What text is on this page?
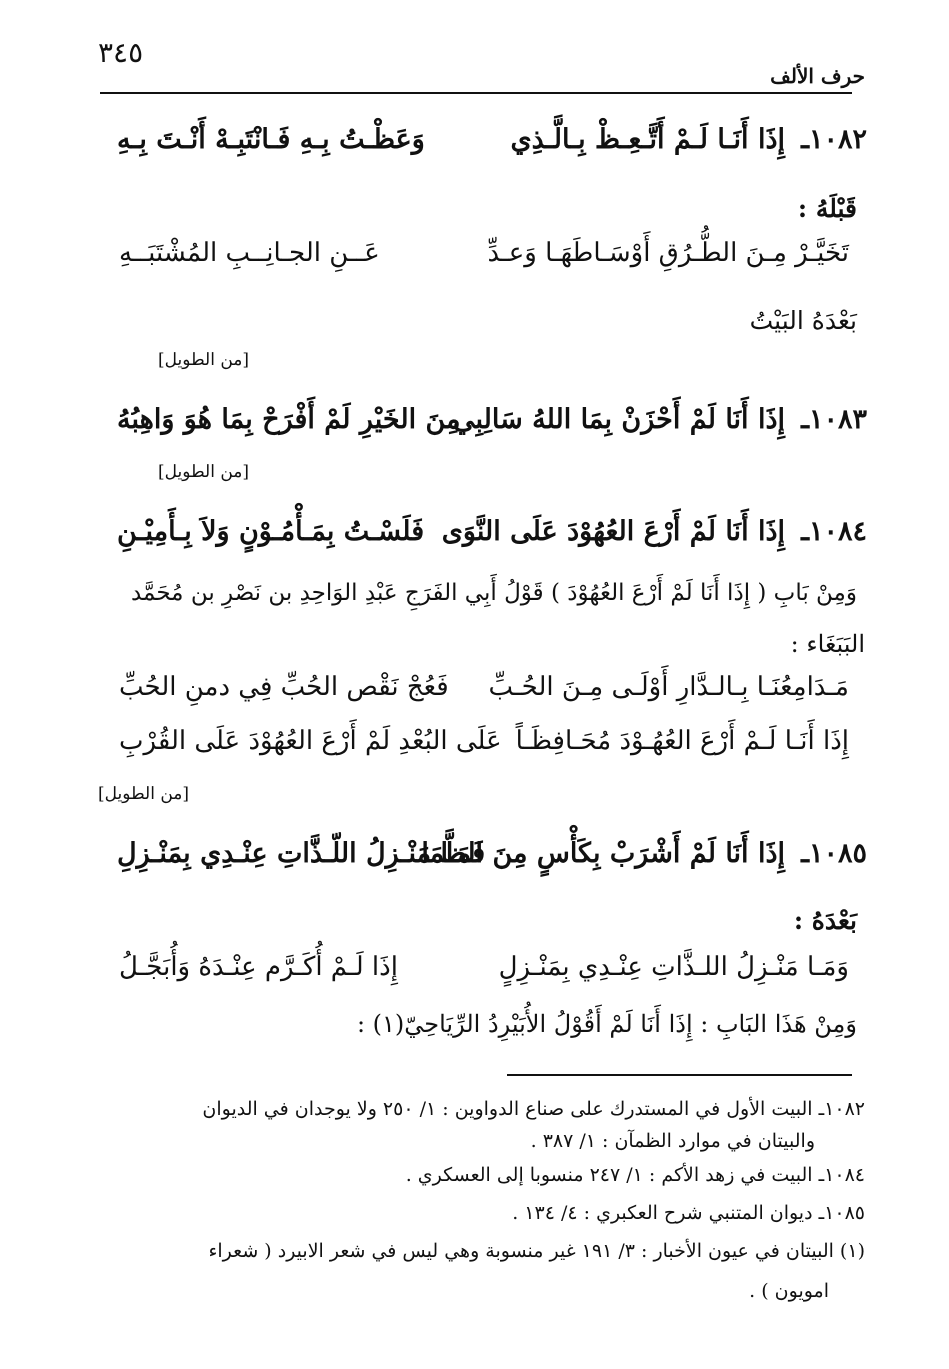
٣٤٥
حرف الألف
١٠٨٢ـ
إِذَا أَنَـا لَـمْ أَتَّـعِـظْ بِـالَّـذِي
وَعَظْـتُ بِـهِ فَـانْتَبِـهْ أَنْـتَ بِـهِ
قَبْلَهُ :
تَخَيَّـرْ مِـنَ الطُّـرُقِ أَوْسَـاطَهَـا وَعـدِّ
عَــنِ الجـانِــبِ المُشْتَبَــهِ
بَعْدَهُ البَيْتُ
[من الطويل]
١٠٨٣ـ
إِذَا أَنَا لَمْ أَحْزَنْ بِمَا اللهُ سَالِبِي
مِنَ الخَيْرِ لَمْ أَفْرَحْ بِمَا هُوَ وَاهِبُهُ
[من الطويل]
١٠٨٤ـ
إِذَا أَنَا لَمْ أَرْعَ العُهُوْدَ عَلَى النَّوَى
فَلَسْـتُ بِمَـأْمُـوْنٍ وَلاَ بِـأَمِيْـنِ
وَمِنْ بَابِ ( إِذَا أَنَا لَمْ أَرْعَ العُهُوْدَ ) قَوْلُ أَبِي الفَرَجِ عَبْدِ الوَاحِدِ بن نَصْرِ بن مُحَمَّد
البَبَغَاء :
مَـدَامِعُنَـا بِـالـدَّارِ أَوْلَـى مِـنَ الحُـبِّ
فَعُجْ نَقْص الحُبِّ فِي دمنِ الحُبِّ
إِذَا أَنَـا لَـمْ أَرْعَ العُهُـوْدَ مُحَـافِظَـاً
عَلَى البُعْدِ لَمْ أَرْعَ العُهُوْدَ عَلَى القُرْبِ
[من الطويل]
١٠٨٥ـ
إِذَا أَنَا لَمْ أَشْرَبْ بِكَأْسٍ مِنَ الظَّمَا
فَمَـا مَنْـزِلُ اللّـذَّاتِ عِنْـدِي بِمَنْـزِلِ
بَعْدَهُ :
وَمَـا مَنْـزِلُ اللـذَّاتِ عِنْـدِي بِمَنْـزِلٍ
إِذَا لَـمْ أُكَـرَّم عِنْـدَهُ وَأُبَجَّـلُ
وَمِنْ هَذَا البَابِ : إِذَا أَنَا لَمْ أَقُوْلُ الأُبَيْرِدُ الرِّيَاحِيّ(١) :
١٠٨٢ـ البيت الأول في المستدرك على صناع الدواوين : ١/ ٢٥٠ ولا يوجدان في الديوان
والبيتان في موارد الظمآن : ١/ ٣٨٧ .
١٠٨٤ـ البيت في زهد الأكم : ١/ ٢٤٧ منسوبا إلى العسكري .
١٠٨٥ـ ديوان المتنبي شرح العكبري : ٤/ ١٣٤ .
(١) البيتان في عيون الأخبار : ٣/ ١٩١ غير منسوبة وهي ليس في شعر الابيرد ( شعراء
امويون ) .
